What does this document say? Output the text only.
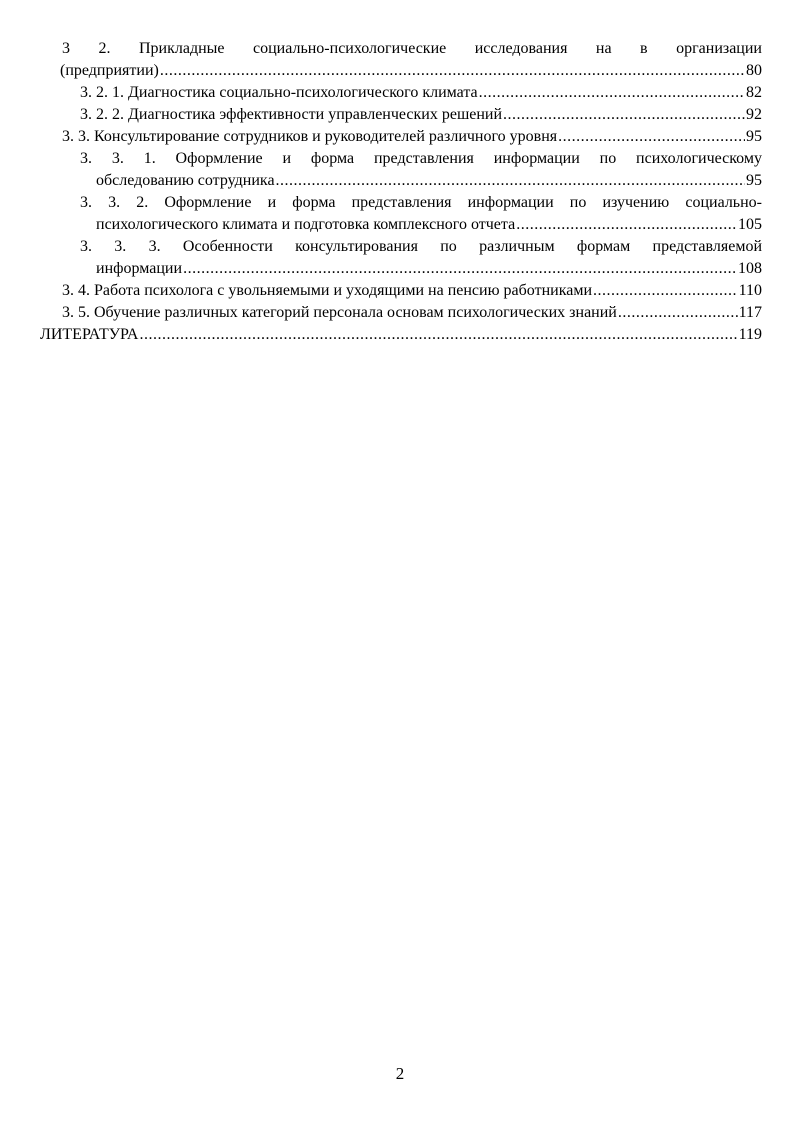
3 2. Прикладные социально-психологические исследования на в организации
(предприятии) .....	80
3. 2. 1. Диагностика социально-психологического климата .....	82
3. 2. 2. Диагностика эффективности управленческих решений .....	92
3. 3. Консультирование сотрудников и руководителей различного уровня .....	95
3. 3. 1. Оформление и форма представления информации по психологическому
обследованию сотрудника .....	95
3. 3. 2. Оформление и форма представления информации по изучению социально-
психологического климата и подготовка комплексного отчета .....	105
3. 3. 3. Особенности консультирования по различным формам представляемой
информации .....	108
3. 4. Работа психолога с увольняемыми и уходящими на пенсию работниками .....	110
3. 5. Обучение различных категорий персонала основам психологических знаний .....	117
ЛИТЕРАТУРА .....	119
2
